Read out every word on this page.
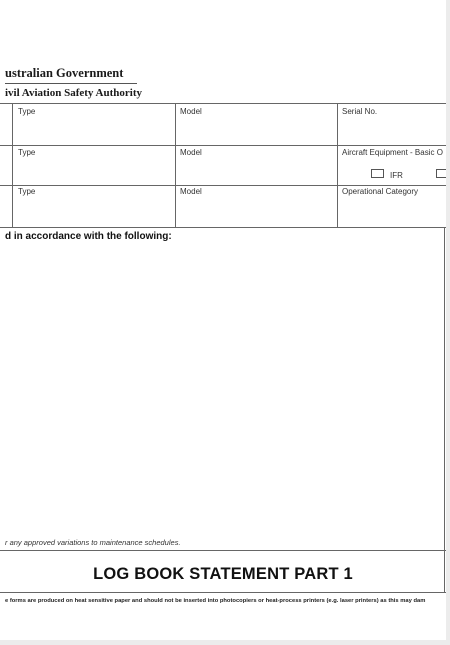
ustralian Government
ivil Aviation Safety Authority
Type	Model	Serial No.
Type	Model	Aircraft Equipment - Basic O
IFR
Type	Model	Operational Category
d in accordance with the following:
r any approved variations to maintenance schedules.
LOG BOOK STATEMENT PART 1
e forms are produced on heat sensitive paper and should not be inserted into photocopiers or heat-process printers (e.g. laser printers) as this may dam
